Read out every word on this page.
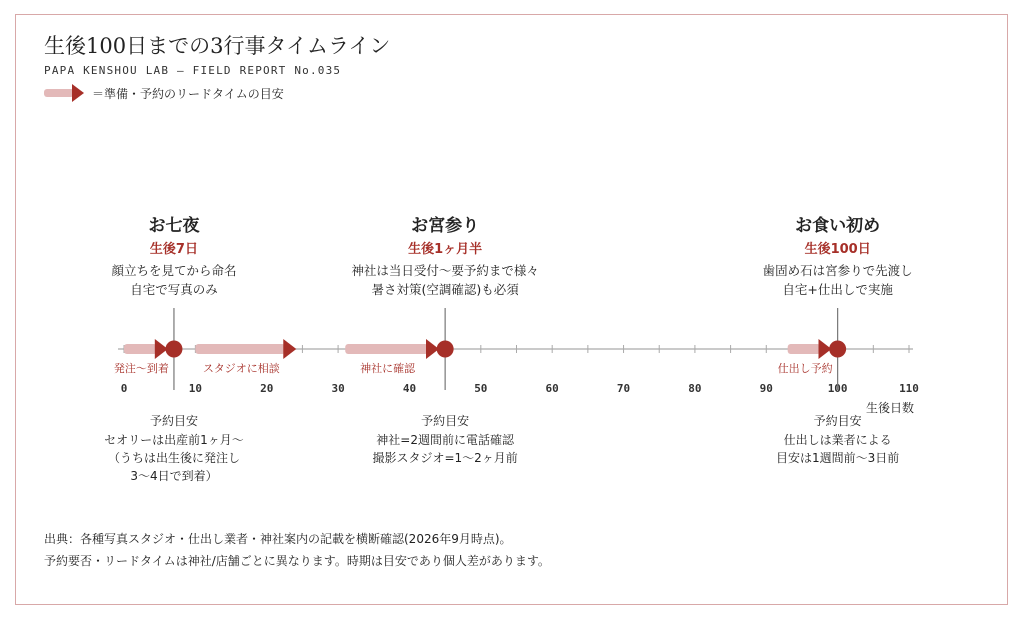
生後100日までの3行事タイムライン
PAPA KENSHOU LAB — FIELD REPORT No.035
＝準備・予約のリードタイムの目安
0	10	20	30	40	50	60	70	80	90	100	110
生後日数
発注〜到着	スタジオに相談	神社に確認	仕出し予約
お七夜
生後7日
顔立ちを見てから命名
自宅で写真のみ
予約目安
セオリーは出産前1ヶ月〜
（うちは出生後に発注し
3〜4日で到着）
お宮参り
生後1ヶ月半
神社は当日受付〜要予約まで様々
暑さ対策(空調確認)も必須
予約目安
神社=2週間前に電話確認
撮影スタジオ=1〜2ヶ月前
お食い初め
生後100日
歯固め石は宮参りで先渡し
自宅+仕出しで実施
予約目安
仕出しは業者による
目安は1週間前〜3日前
出典：各種写真スタジオ・仕出し業者・神社案内の記載を横断確認(2026年9月時点)。
予約要否・リードタイムは神社/店舗ごとに異なります。時期は目安であり個人差があります。
